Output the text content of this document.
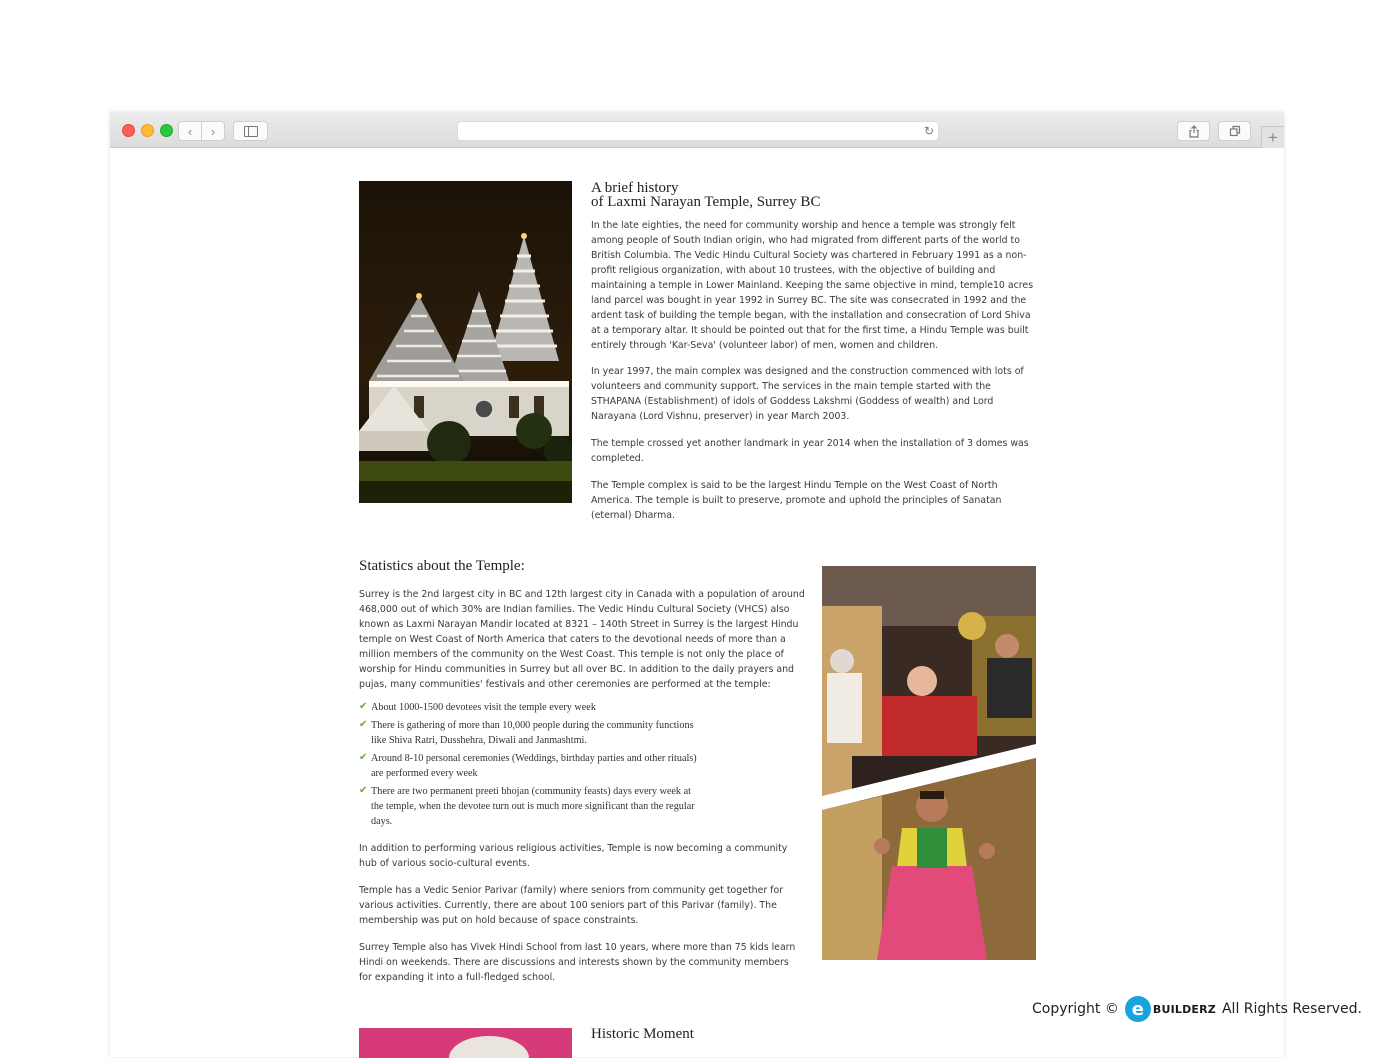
‹ ›	↻	+
A brief history
of Laxmi Narayan Temple, Surrey BC

In the late eighties, the need for community worship and hence a temple was strongly felt among people of South Indian origin, who had migrated from different parts of the world to British Columbia. The Vedic Hindu Cultural Society was chartered in February 1991 as a non-profit religious organization, with about 10 trustees, with the objective of building and maintaining a temple in Lower Mainland. Keeping the same objective in mind, temple10 acres land parcel was bought in year 1992 in Surrey BC. The site was consecrated in 1992 and the ardent task of building the temple began, with the installation and consecration of Lord Shiva at a temporary altar. It should be pointed out that for the first time, a Hindu Temple was built entirely through 'Kar-Seva' (volunteer labor) of men, women and children.

In year 1997, the main complex was designed and the construction commenced with lots of volunteers and community support. The services in the main temple started with the STHAPANA (Establishment) of idols of Goddess Lakshmi (Goddess of wealth) and Lord Narayana (Lord Vishnu, preserver) in year March 2003.

The temple crossed yet another landmark in year 2014 when the installation of 3 domes was completed.

The Temple complex is said to be the largest Hindu Temple on the West Coast of North America. The temple is built to preserve, promote and uphold the principles of Sanatan (eternal) Dharma.

Statistics about the Temple:

Surrey is the 2nd largest city in BC and 12th largest city in Canada with a population of around 468,000 out of which 30% are Indian families. The Vedic Hindu Cultural Society (VHCS) also known as Laxmi Narayan Mandir located at 8321 – 140th Street in Surrey is the largest Hindu temple on West Coast of North America that caters to the devotional needs of more than a million members of the community on the West Coast. This temple is not only the place of worship for Hindu communities in Surrey but all over BC. In addition to the daily prayers and pujas, many communities' festivals and other ceremonies are performed at the temple:

✔ About 1000-1500 devotees visit the temple every week
✔ There is gathering of more than 10,000 people during the community functions like Shiva Ratri, Dusshehra, Diwali and Janmashtmi.
✔ Around 8-10 personal ceremonies (Weddings, birthday parties and other rituals) are performed every week
✔ There are two permanent preeti bhojan (community feasts) days every week at the temple, when the devotee turn out is much more significant than the regular days.

In addition to performing various religious activities, Temple is now becoming a community hub of various socio-cultural events.

Temple has a Vedic Senior Parivar (family) where seniors from community get together for various activities. Currently, there are about 100 seniors part of this Parivar (family). The membership was put on hold because of space constraints.

Surrey Temple also has Vivek Hindi School from last 10 years, where more than 75 kids learn Hindi on weekends. There are discussions and interests shown by the community members for expanding it into a full-fledged school.

Historic Moment
Copyright © e BUILDERZ All Rights Reserved.
